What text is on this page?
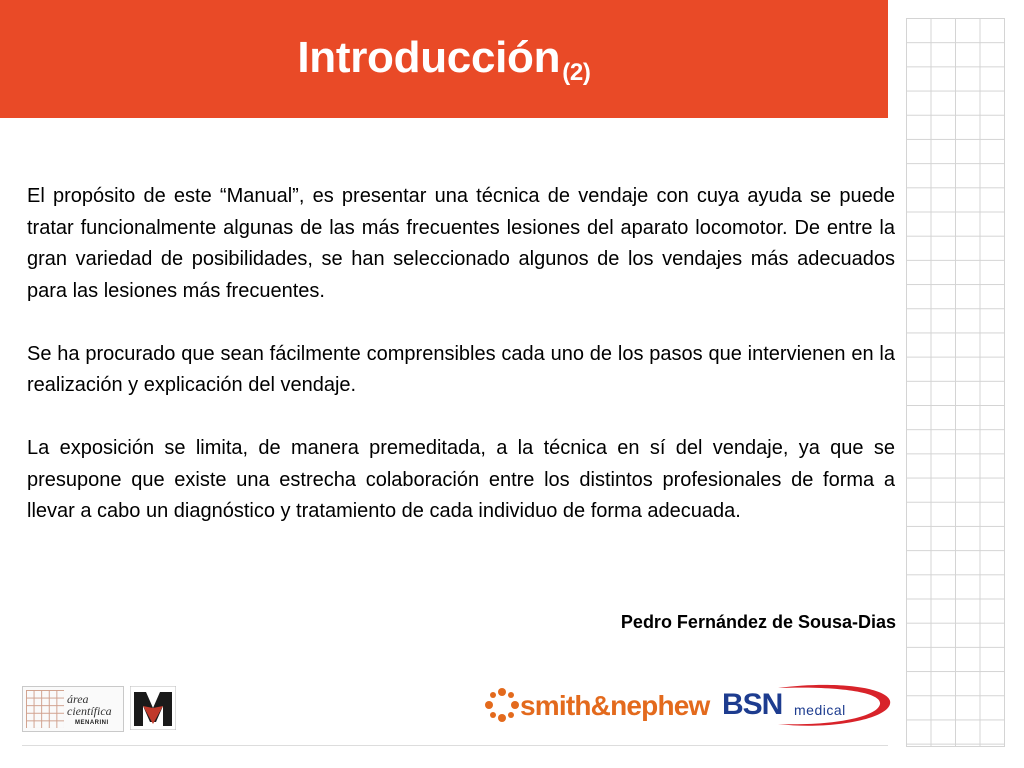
Introducción$_{(2)}$

El propósito de este “Manual”, es presentar una técnica de vendaje con cuya ayuda se puede tratar funcionalmente algunas de las más frecuentes lesiones del aparato locomotor. De entre la gran variedad de posibilidades, se han seleccionado algunos de los vendajes más adecuados para las lesiones más frecuentes.

Se ha procurado que sean fácilmente comprensibles cada uno de los pasos que intervienen en la realización y explicación del vendaje.

La exposición se limita, de manera premeditada, a la técnica en sí del vendaje, ya que se presupone que existe una estrecha colaboración entre los distintos profesionales de forma a llevar a cabo un diagnóstico y tratamiento de cada individuo de forma adecuada.

Pedro Fernández de Sousa-Dias
área
científica
MENARINI
smith&nephew BSN medical
